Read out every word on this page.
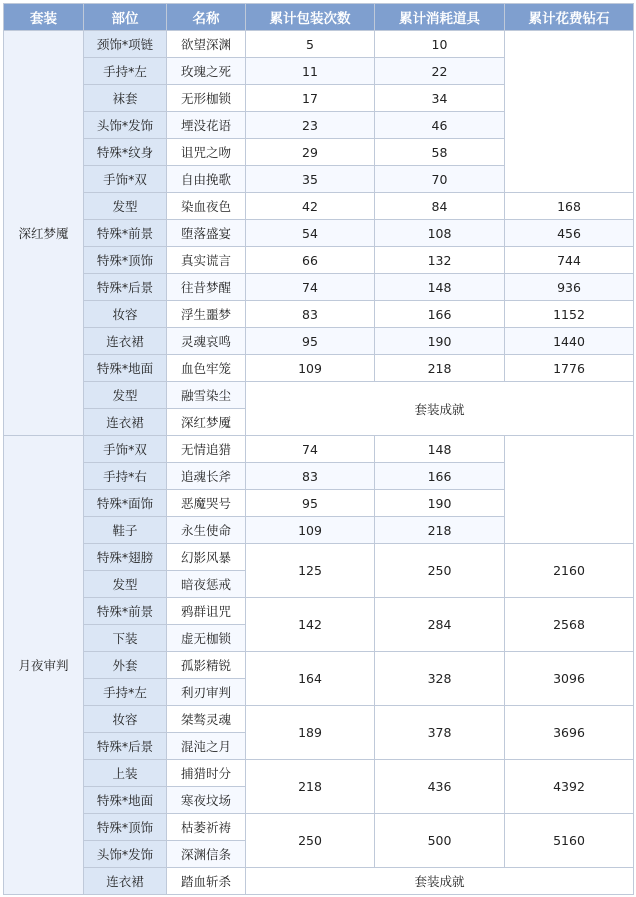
套装	部位	名称	累计包装次数	累计消耗道具	累计花费钻石
深红梦魇	颈饰*项链	欲望深渊	5	10	
	手持*左	玫瑰之死	11	22	
	袜套	无形枷锁	17	34	
	头饰*发饰	堙没花语	23	46	
	特殊*纹身	诅咒之吻	29	58	
	手饰*双	自由挽歌	35	70	
	发型	染血夜色	42	84	168
	特殊*前景	堕落盛宴	54	108	456
	特殊*顶饰	真实谎言	66	132	744
	特殊*后景	往昔梦醒	74	148	936
	妆容	浮生噩梦	83	166	1152
	连衣裙	灵魂哀鸣	95	190	1440
	特殊*地面	血色牢笼	109	218	1776
	发型	融雪染尘	套装成就		
	连衣裙	深红梦魇			
月夜审判	手饰*双	无情追猎	74	148	
	手持*右	追魂长斧	83	166	
	特殊*面饰	恶魔哭号	95	190	
	鞋子	永生使命	109	218	
	特殊*翅膀	幻影风暴	125	250	2160
	发型	暗夜惩戒			
	特殊*前景	鸦群诅咒	142	284	2568
	下装	虚无枷锁			
	外套	孤影精锐	164	328	3096
	手持*左	利刃审判			
	妆容	桀骜灵魂	189	378	3696
	特殊*后景	混沌之月			
	上装	捕猎时分	218	436	4392
	特殊*地面	寒夜坟场			
	特殊*顶饰	枯萎祈祷	250	500	5160
	头饰*发饰	深渊信条			
	连衣裙	踏血斩杀	套装成就		
